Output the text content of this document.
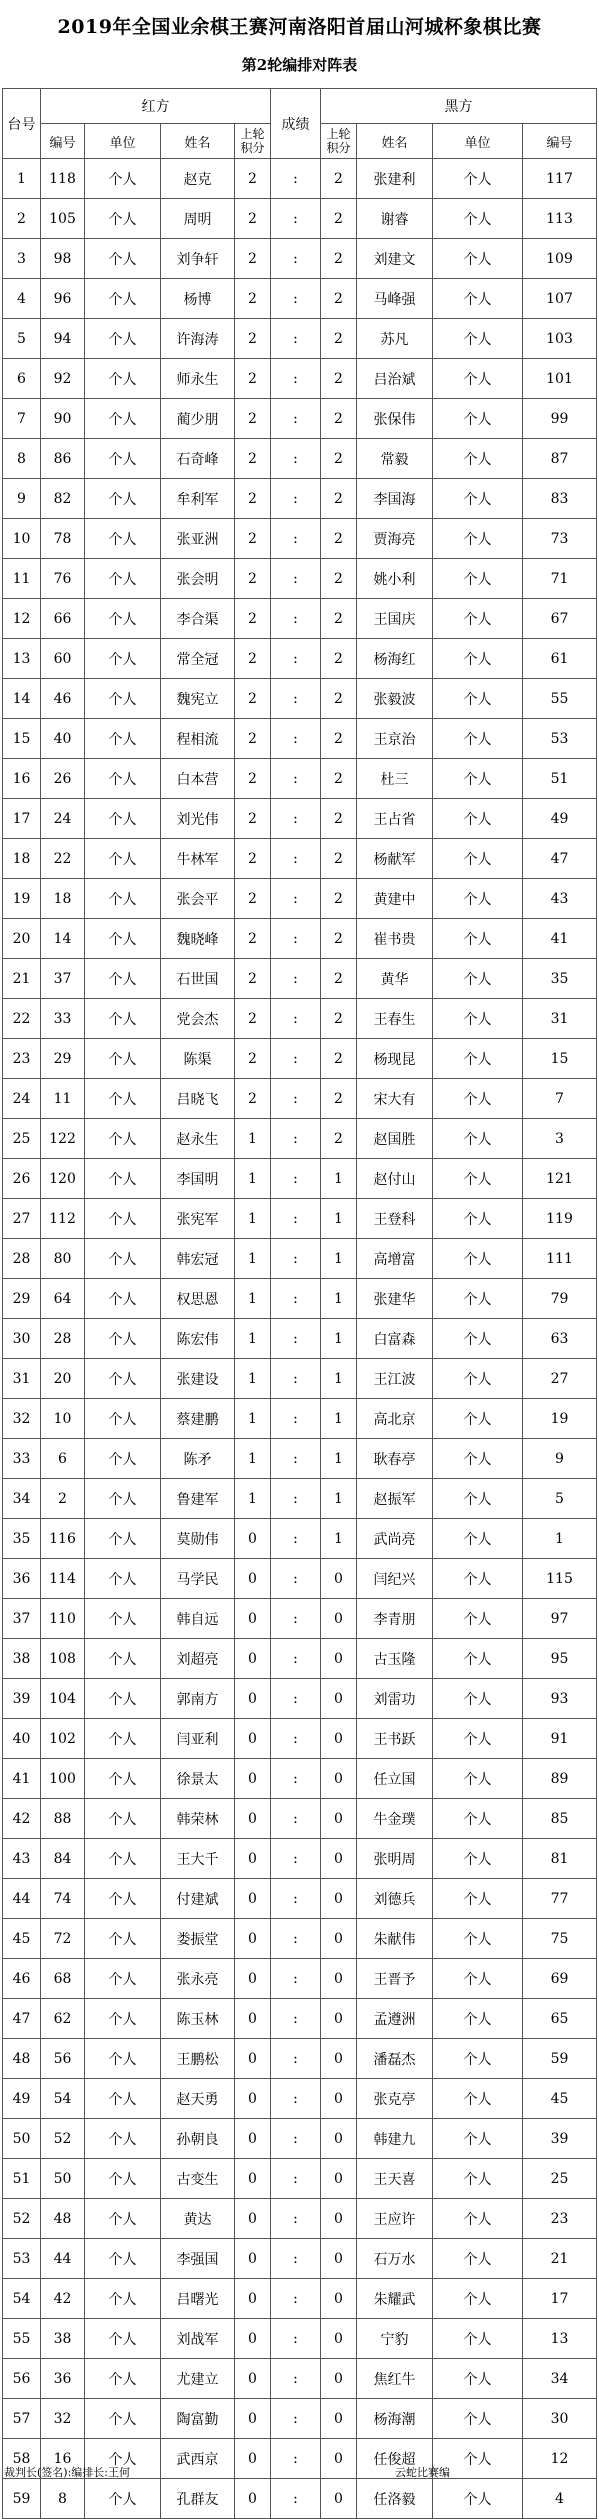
2019年全国业余棋王赛河南洛阳首届山河城杯象棋比赛
第2轮编排对阵表
台号	红方				成绩	黑方			
	编号	单位	姓名	上轮积分		上轮积分	姓名	单位	编号
1	118	个人	赵克	2	:	2	张建利	个人	117
2	105	个人	周明	2	:	2	谢睿	个人	113
3	98	个人	刘争轩	2	:	2	刘建文	个人	109
4	96	个人	杨博	2	:	2	马峰强	个人	107
5	94	个人	许海涛	2	:	2	苏凡	个人	103
6	92	个人	师永生	2	:	2	吕治斌	个人	101
7	90	个人	蔺少朋	2	:	2	张保伟	个人	99
8	86	个人	石奇峰	2	:	2	常毅	个人	87
9	82	个人	牟利军	2	:	2	李国海	个人	83
10	78	个人	张亚洲	2	:	2	贾海亮	个人	73
11	76	个人	张会明	2	:	2	姚小利	个人	71
12	66	个人	李合渠	2	:	2	王国庆	个人	67
13	60	个人	常全冠	2	:	2	杨海红	个人	61
14	46	个人	魏宪立	2	:	2	张毅波	个人	55
15	40	个人	程相流	2	:	2	王京治	个人	53
16	26	个人	白本营	2	:	2	杜三	个人	51
17	24	个人	刘光伟	2	:	2	王占省	个人	49
18	22	个人	牛林军	2	:	2	杨献军	个人	47
19	18	个人	张会平	2	:	2	黄建中	个人	43
20	14	个人	魏晓峰	2	:	2	崔书贵	个人	41
21	37	个人	石世国	2	:	2	黄华	个人	35
22	33	个人	党会杰	2	:	2	王春生	个人	31
23	29	个人	陈渠	2	:	2	杨现昆	个人	15
24	11	个人	吕晓飞	2	:	2	宋大有	个人	7
25	122	个人	赵永生	1	:	2	赵国胜	个人	3
26	120	个人	李国明	1	:	1	赵付山	个人	121
27	112	个人	张宪军	1	:	1	王登科	个人	119
28	80	个人	韩宏冠	1	:	1	高增富	个人	111
29	64	个人	权思恩	1	:	1	张建华	个人	79
30	28	个人	陈宏伟	1	:	1	白富森	个人	63
31	20	个人	张建设	1	:	1	王江波	个人	27
32	10	个人	蔡建鹏	1	:	1	高北京	个人	19
33	6	个人	陈矛	1	:	1	耿春亭	个人	9
34	2	个人	鲁建军	1	:	1	赵振军	个人	5
35	116	个人	莫勋伟	0	:	1	武尚亮	个人	1
36	114	个人	马学民	0	:	0	闫纪兴	个人	115
37	110	个人	韩自远	0	:	0	李青朋	个人	97
38	108	个人	刘超亮	0	:	0	古玉隆	个人	95
39	104	个人	郭南方	0	:	0	刘雷功	个人	93
40	102	个人	闫亚利	0	:	0	王书跃	个人	91
41	100	个人	徐景太	0	:	0	任立国	个人	89
42	88	个人	韩荣林	0	:	0	牛金璞	个人	85
43	84	个人	王大千	0	:	0	张明周	个人	81
44	74	个人	付建斌	0	:	0	刘德兵	个人	77
45	72	个人	娄振堂	0	:	0	朱献伟	个人	75
46	68	个人	张永亮	0	:	0	王晋予	个人	69
47	62	个人	陈玉林	0	:	0	孟遵洲	个人	65
48	56	个人	王鹏松	0	:	0	潘磊杰	个人	59
49	54	个人	赵天勇	0	:	0	张克亭	个人	45
50	52	个人	孙朝良	0	:	0	韩建九	个人	39
51	50	个人	古变生	0	:	0	王天喜	个人	25
52	48	个人	黄达	0	:	0	王应许	个人	23
53	44	个人	李强国	0	:	0	石万水	个人	21
54	42	个人	吕曙光	0	:	0	朱耀武	个人	17
55	38	个人	刘战军	0	:	0	宁豹	个人	13
56	36	个人	尤建立	0	:	0	焦红牛	个人	34
57	32	个人	陶富勤	0	:	0	杨海潮	个人	30
58	16	个人	武西京	0	:	0	任俊超	个人	12
59	8	个人	孔群友	0	:	0	任洛毅	个人	4
裁判长(签名):编排长:王何	云蛇比赛编
